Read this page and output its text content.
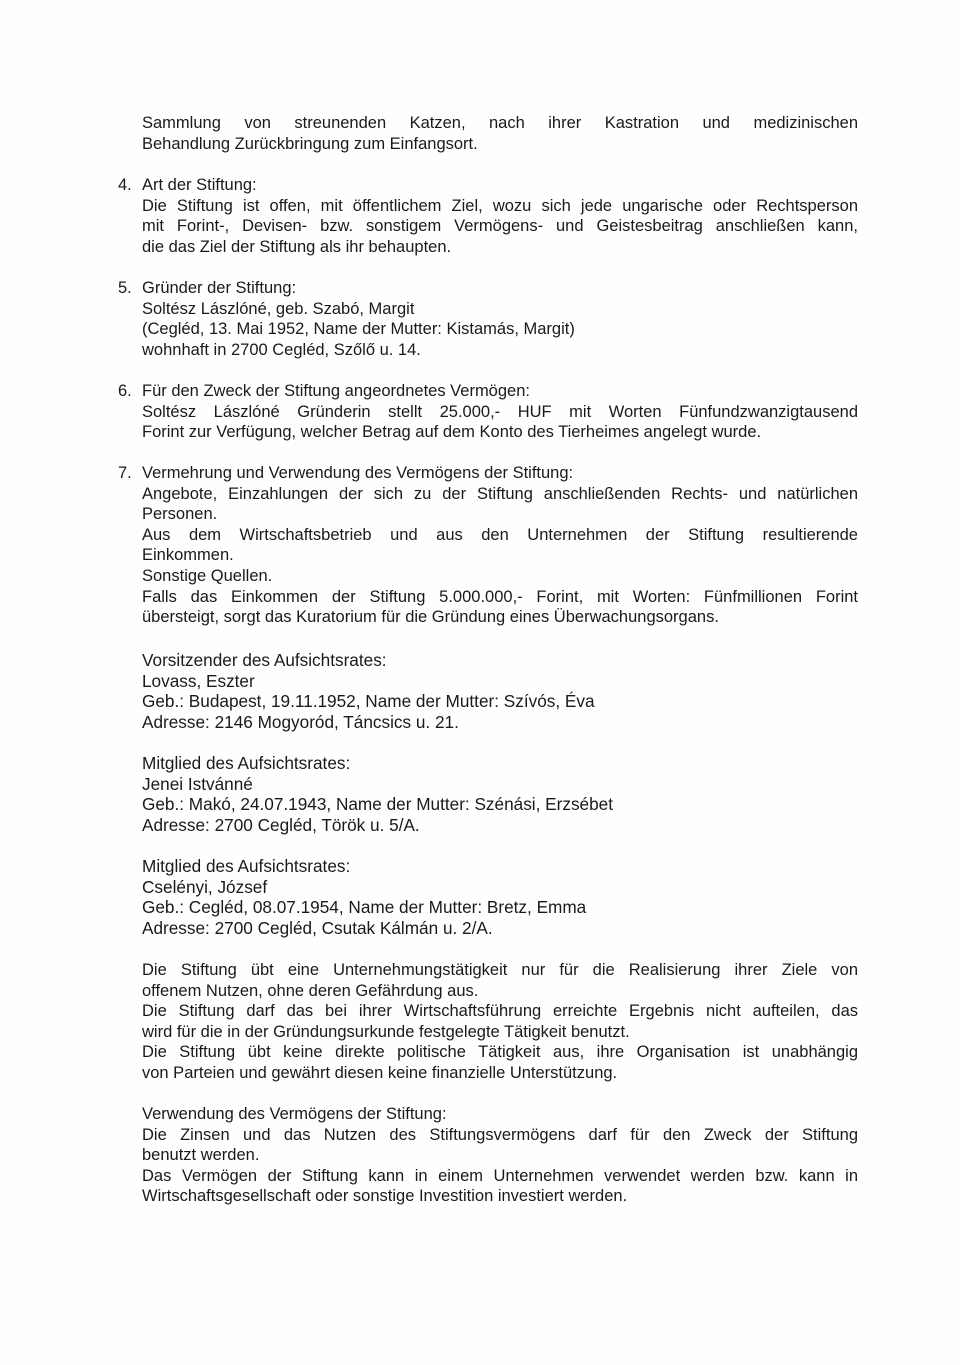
Sammlung von streunenden Katzen, nach ihrer Kastration und medizinischen
Behandlung Zurückbringung zum Einfangsort.
4. Art der Stiftung:
Die Stiftung ist offen, mit öffentlichem Ziel, wozu sich jede ungarische oder Rechtsperson
mit Forint-, Devisen- bzw. sonstigem Vermögens- und Geistesbeitrag anschließen kann,
die das Ziel der Stiftung als ihr behaupten.
5. Gründer der Stiftung:
Soltész Lászlóné, geb. Szabó, Margit
(Cegléd, 13. Mai 1952, Name der Mutter: Kistamás, Margit)
wohnhaft in 2700 Cegléd, Szőlő u. 14.
6. Für den Zweck der Stiftung angeordnetes Vermögen:
Soltész Lászlóné Gründerin stellt 25.000,- HUF mit Worten Fünfundzwanzigtausend
Forint zur Verfügung, welcher Betrag auf dem Konto des Tierheimes angelegt wurde.
7. Vermehrung und Verwendung des Vermögens der Stiftung:
Angebote, Einzahlungen der sich zu der Stiftung anschließenden Rechts- und natürlichen
Personen.
Aus dem Wirtschaftsbetrieb und aus den Unternehmen der Stiftung resultierende
Einkommen.
Sonstige Quellen.
Falls das Einkommen der Stiftung 5.000.000,- Forint, mit Worten: Fünfmillionen Forint
übersteigt, sorgt das Kuratorium für die Gründung eines Überwachungsorgans.
Vorsitzender des Aufsichtsrates:
Lovass, Eszter
Geb.: Budapest, 19.11.1952, Name der Mutter: Szívós, Éva
Adresse: 2146 Mogyoród, Táncsics u. 21.
Mitglied des Aufsichtsrates:
Jenei Istvánné
Geb.: Makó, 24.07.1943, Name der Mutter: Szénási, Erzsébet
Adresse: 2700 Cegléd, Török u. 5/A.
Mitglied des Aufsichtsrates:
Cselényi, József
Geb.: Cegléd, 08.07.1954, Name der Mutter: Bretz, Emma
Adresse: 2700 Cegléd, Csutak Kálmán u. 2/A.
Die Stiftung übt eine Unternehmungstätigkeit nur für die Realisierung ihrer Ziele von
offenem Nutzen, ohne deren Gefährdung aus.
Die Stiftung darf das bei ihrer Wirtschaftsführung erreichte Ergebnis nicht aufteilen, das
wird für die in der Gründungsurkunde festgelegte Tätigkeit benutzt.
Die Stiftung übt keine direkte politische Tätigkeit aus, ihre Organisation ist unabhängig
von Parteien und gewährt diesen keine finanzielle Unterstützung.
Verwendung des Vermögens der Stiftung:
Die Zinsen und das Nutzen des Stiftungsvermögens darf für den Zweck der Stiftung
benutzt werden.
Das Vermögen der Stiftung kann in einem Unternehmen verwendet werden bzw. kann in
Wirtschaftsgesellschaft oder sonstige Investition investiert werden.
